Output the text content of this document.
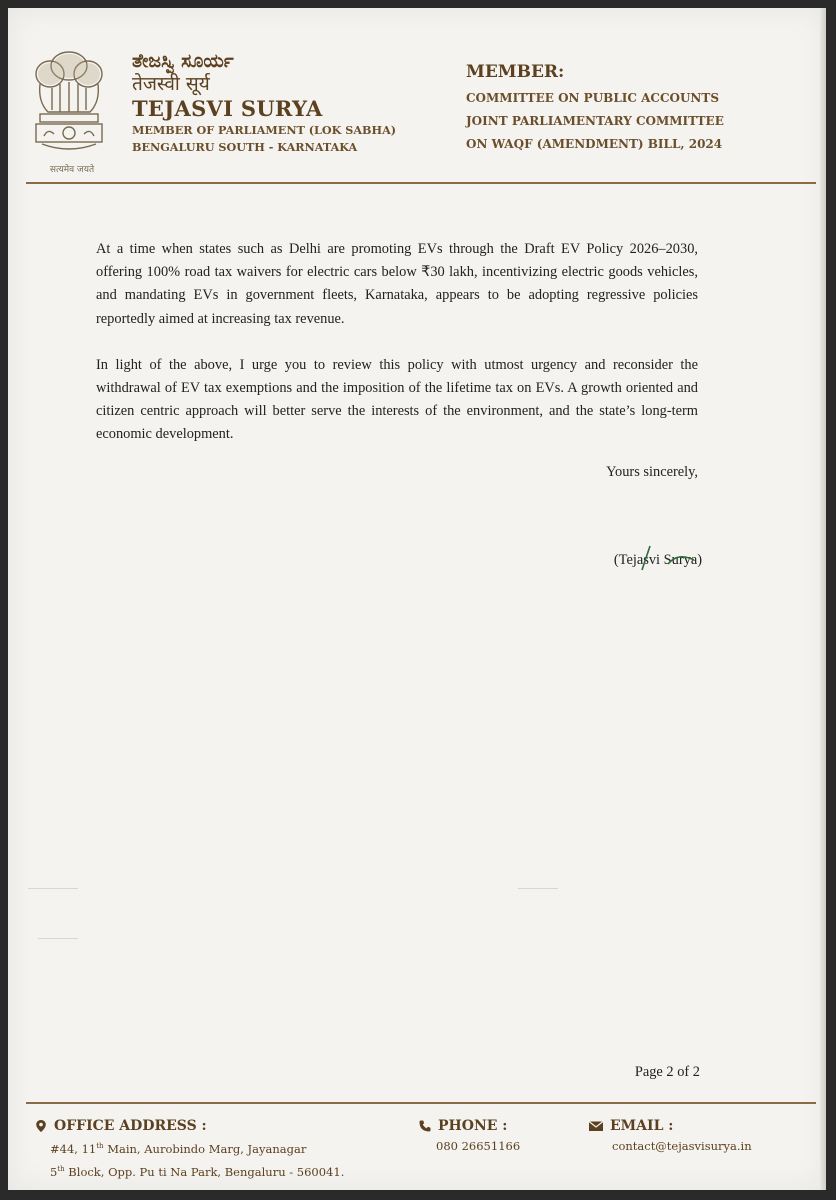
सत्यमेव जयते
ತೇಜಸ್ವಿ ಸೂರ್ಯ
तेजस्वी सूर्य
TEJASVI SURYA
MEMBER OF PARLIAMENT (LOK SABHA)
BENGALURU SOUTH - KARNATAKA
MEMBER:
COMMITTEE ON PUBLIC ACCOUNTS
JOINT PARLIAMENTARY COMMITTEE
ON WAQF (AMENDMENT) BILL, 2024

At a time when states such as Delhi are promoting EVs through the Draft EV Policy 2026–2030, offering 100% road tax waivers for electric cars below ₹30 lakh, incentivizing electric goods vehicles, and mandating EVs in government fleets, Karnataka, appears to be adopting regressive policies reportedly aimed at increasing tax revenue.

In light of the above, I urge you to review this policy with utmost urgency and reconsider the withdrawal of EV tax exemptions and the imposition of the lifetime tax on EVs. A growth oriented and citizen centric approach will better serve the interests of the environment, and the state’s long-term economic development.

Yours sincerely,
(Tejasvi Surya)
Page 2 of 2
OFFICE ADDRESS :
#44, 11th Main, Aurobindo Marg, Jayanagar
5th Block, Opp. Pu ti Na Park, Bengaluru - 560041.
PHONE :
080 26651166
EMAIL :
contact@tejasvisurya.in
